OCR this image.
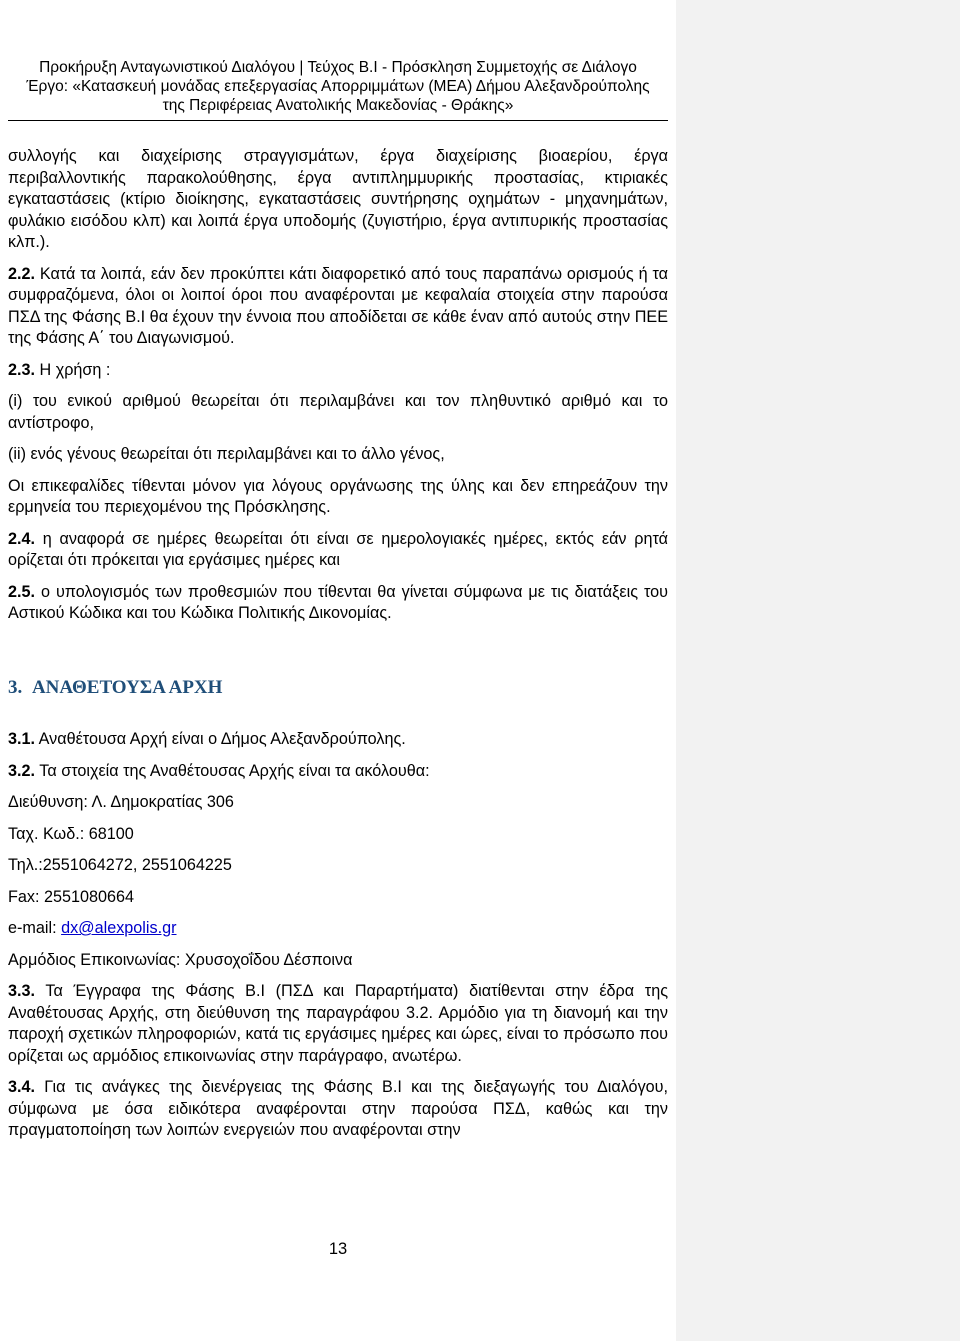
Προκήρυξη Ανταγωνιστικού Διαλόγου | Τεύχος Β.Ι - Πρόσκληση Συμμετοχής σε Διάλογο
Έργο: «Κατασκευή μονάδας επεξεργασίας Απορριμμάτων (ΜΕΑ) Δήμου Αλεξανδρούπολης
της Περιφέρειας Ανατολικής Μακεδονίας - Θράκης»

συλλογής και διαχείρισης στραγγισμάτων, έργα διαχείρισης βιοαερίου, έργα περιβαλλοντικής παρακολούθησης, έργα αντιπλημμυρικής προστασίας, κτιριακές εγκαταστάσεις (κτίριο διοίκησης, εγκαταστάσεις συντήρησης οχημάτων - μηχανημάτων, φυλάκιο εισόδου κλπ) και λοιπά έργα υποδομής (ζυγιστήριο, έργα αντιπυρικής προστασίας κλπ.).

2.2. Κατά τα λοιπά, εάν δεν προκύπτει κάτι διαφορετικό από τους παραπάνω ορισμούς ή τα συμφραζόμενα, όλοι οι λοιποί όροι που αναφέρονται με κεφαλαία στοιχεία στην παρούσα ΠΣΔ της Φάσης Β.Ι θα έχουν την έννοια που αποδίδεται σε κάθε έναν από αυτούς στην ΠΕΕ της Φάσης Α΄ του Διαγωνισμού.

2.3. Η χρήση :

(i) του ενικού αριθμού θεωρείται ότι περιλαμβάνει και τον πληθυντικό αριθμό και το αντίστροφο,

(ii) ενός γένους θεωρείται ότι περιλαμβάνει και το άλλο γένος,

Οι επικεφαλίδες τίθενται μόνον για λόγους οργάνωσης της ύλης και δεν επηρεάζουν την ερμηνεία του περιεχομένου της Πρόσκλησης.

2.4. η αναφορά σε ημέρες θεωρείται ότι είναι σε ημερολογιακές ημέρες, εκτός εάν ρητά ορίζεται ότι πρόκειται για εργάσιμες ημέρες και

2.5. ο υπολογισμός των προθεσμιών που τίθενται θα γίνεται σύμφωνα με τις διατάξεις του Αστικού Κώδικα και του Κώδικα Πολιτικής Δικονομίας.

3. ΑΝΑΘΕΤΟΥΣΑ ΑΡΧΗ

3.1. Αναθέτουσα Αρχή είναι ο Δήμος Αλεξανδρούπολης.

3.2. Τα στοιχεία της Αναθέτουσας Αρχής είναι τα ακόλουθα:

Διεύθυνση: Λ. Δημοκρατίας 306

Ταχ. Κωδ.: 68100

Τηλ.:2551064272, 2551064225

Fax: 2551080664

e-mail: dx@alexpolis.gr

Αρμόδιος Επικοινωνίας: Χρυσοχοΐδου Δέσποινα

3.3. Τα Έγγραφα της Φάσης Β.Ι (ΠΣΔ και Παραρτήματα) διατίθενται στην έδρα της Αναθέτουσας Αρχής, στη διεύθυνση της παραγράφου 3.2. Αρμόδιο για τη διανομή και την παροχή σχετικών πληροφοριών, κατά τις εργάσιμες ημέρες και ώρες, είναι το πρόσωπο που ορίζεται ως αρμόδιος επικοινωνίας στην παράγραφο, ανωτέρω.

3.4. Για τις ανάγκες της διενέργειας της Φάσης Β.Ι και της διεξαγωγής του Διαλόγου, σύμφωνα με όσα ειδικότερα αναφέρονται στην παρούσα ΠΣΔ, καθώς και την πραγματοποίηση των λοιπών ενεργειών που αναφέρονται στην

13
